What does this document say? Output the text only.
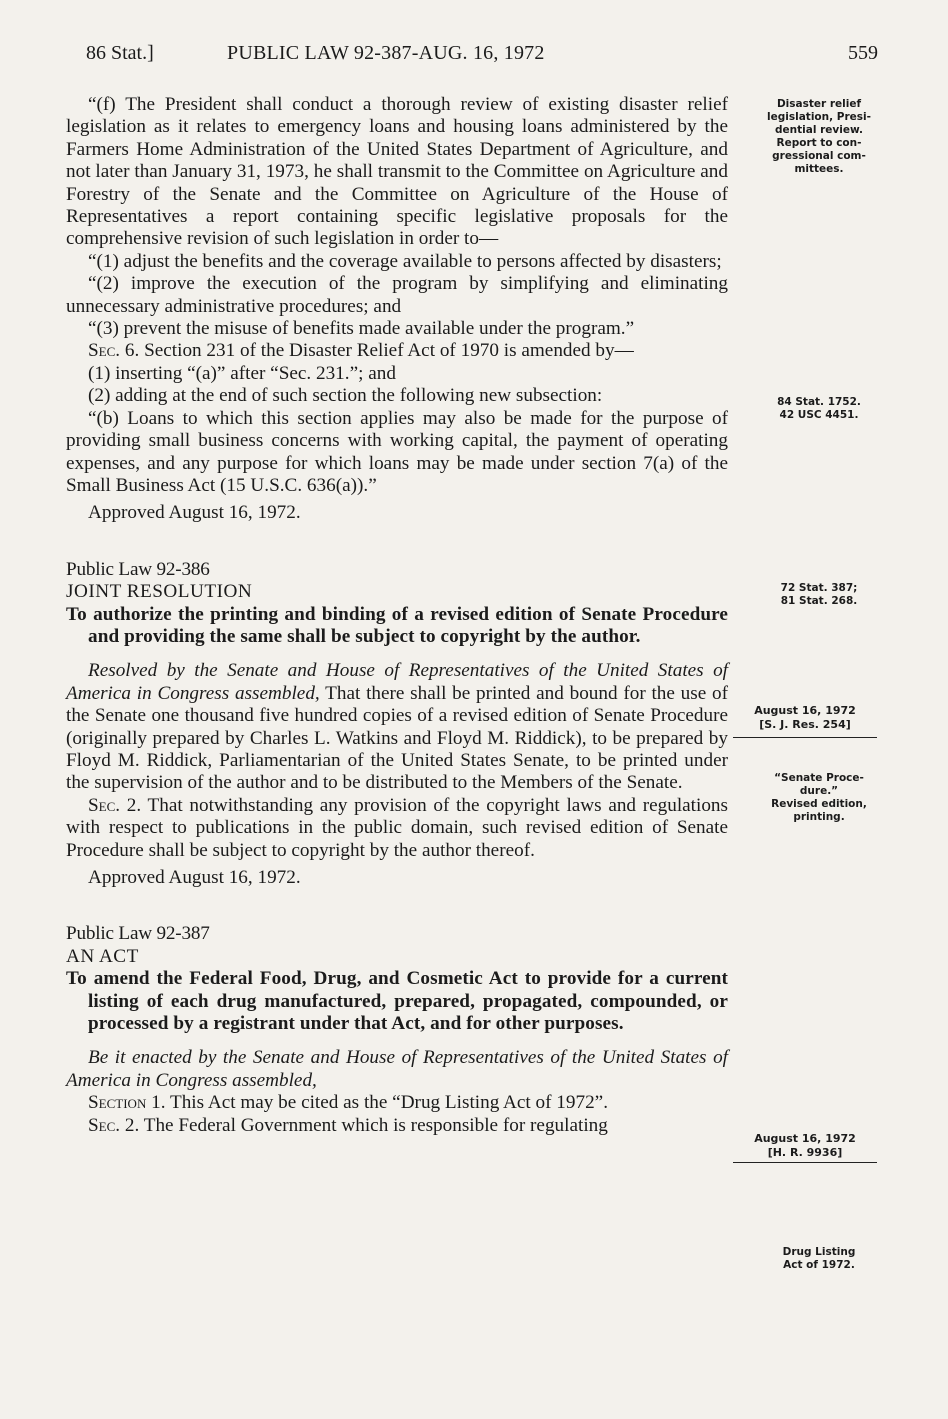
86 Stat.]	PUBLIC LAW 92-387-AUG. 16, 1972	559

“(f) The President shall conduct a thorough review of existing disaster relief legislation as it relates to emergency loans and housing loans administered by the Farmers Home Administration of the United States Department of Agriculture, and not later than January 31, 1973, he shall transmit to the Committee on Agriculture and Forestry of the Senate and the Committee on Agriculture of the House of Representatives a report containing specific legislative proposals for the comprehensive revision of such legislation in order to—

“(1) adjust the benefits and the coverage available to persons affected by disasters;

“(2) improve the execution of the program by simplifying and eliminating unnecessary administrative procedures; and

“(3) prevent the misuse of benefits made available under the program.”

Sec. 6. Section 231 of the Disaster Relief Act of 1970 is amended by—

(1) inserting “(a)” after “Sec. 231.”; and

(2) adding at the end of such section the following new subsection:

“(b) Loans to which this section applies may also be made for the purpose of providing small business concerns with working capital, the payment of operating expenses, and any purpose for which loans may be made under section 7(a) of the Small Business Act (15 U.S.C. 636(a)).”

Approved August 16, 1972.

Public Law 92-386

JOINT RESOLUTION

To authorize the printing and binding of a revised edition of Senate Procedure and providing the same shall be subject to copyright by the author.

Resolved by the Senate and House of Representatives of the United States of America in Congress assembled, That there shall be printed and bound for the use of the Senate one thousand five hundred copies of a revised edition of Senate Procedure (originally prepared by Charles L. Watkins and Floyd M. Riddick), to be prepared by Floyd M. Riddick, Parliamentarian of the United States Senate, to be printed under the supervision of the author and to be distributed to the Members of the Senate.

Sec. 2. That notwithstanding any provision of the copyright laws and regulations with respect to publications in the public domain, such revised edition of Senate Procedure shall be subject to copyright by the author thereof.

Approved August 16, 1972.

Public Law 92-387

AN ACT

To amend the Federal Food, Drug, and Cosmetic Act to provide for a current listing of each drug manufactured, prepared, propagated, compounded, or processed by a registrant under that Act, and for other purposes.

Be it enacted by the Senate and House of Representatives of the United States of America in Congress assembled,

Section 1. This Act may be cited as the “Drug Listing Act of 1972”.

Sec. 2. The Federal Government which is responsible for regulating

Disaster relief
legislation, Presi-
dential review.
Report to con-
gressional com-
mittees.
84 Stat. 1752.
42 USC 4451.
72 Stat. 387;
81 Stat. 268.
August 16, 1972
[S. J. Res. 254]
“Senate Proce-
dure.”
Revised edition,
printing.
August 16, 1972
[H. R. 9936]
Drug Listing
Act of 1972.
